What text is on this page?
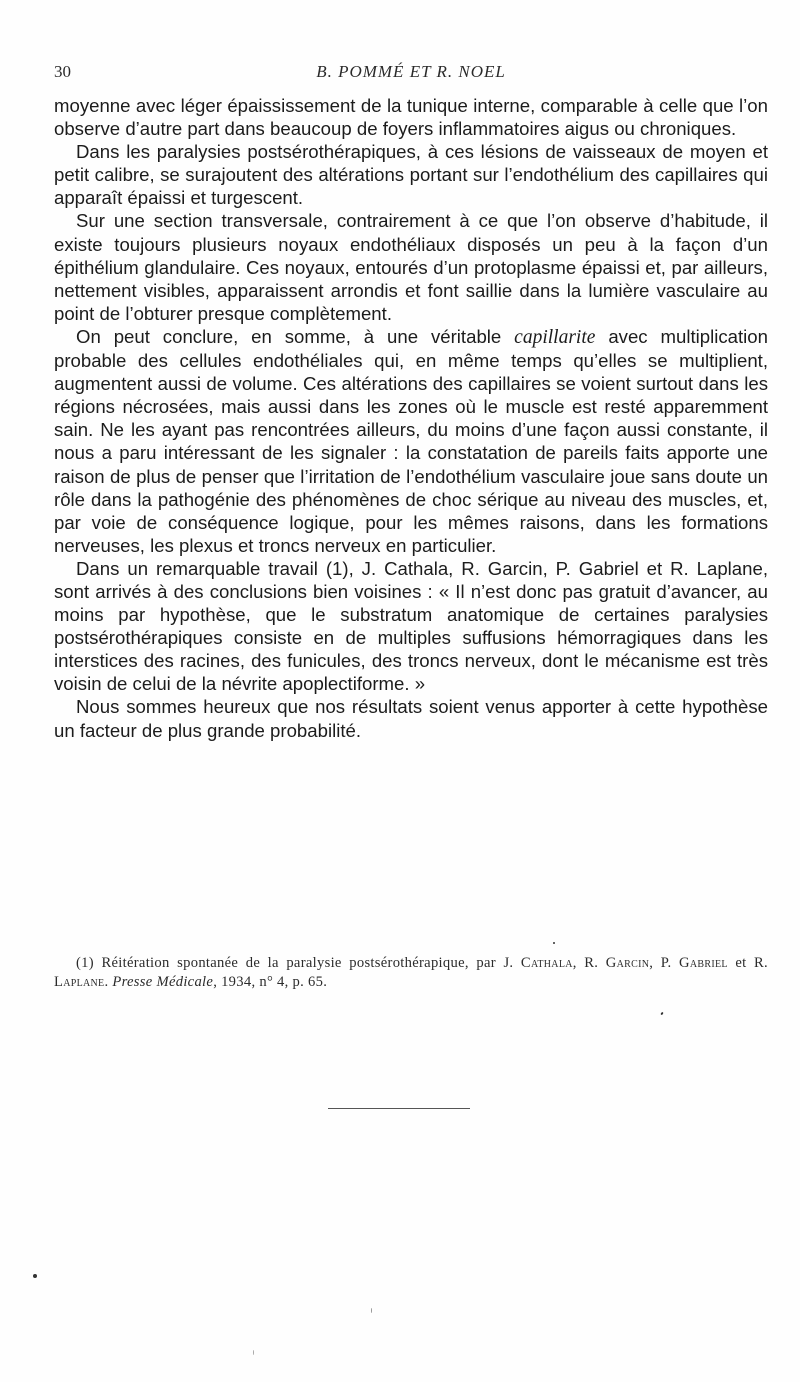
30	B. POMMÉ ET R. NOEL

moyenne avec léger épaississement de la tunique interne, comparable à celle que l’on observe d’autre part dans beaucoup de foyers inflammatoires aigus ou chroniques.

Dans les paralysies postsérothérapiques, à ces lésions de vaisseaux de moyen et petit calibre, se surajoutent des altérations portant sur l’endothélium des capillaires qui apparaît épaissi et turgescent.

Sur une section transversale, contrairement à ce que l’on observe d’habitude, il existe toujours plusieurs noyaux endothéliaux disposés un peu à la façon d’un épithélium glandulaire. Ces noyaux, entourés d’un protoplasme épaissi et, par ailleurs, nettement visibles, apparaissent arrondis et font saillie dans la lumière vasculaire au point de l’obturer presque complètement.

On peut conclure, en somme, à une véritable capillarite avec multiplication probable des cellules endothéliales qui, en même temps qu’elles se multiplient, augmentent aussi de volume. Ces altérations des capillaires se voient surtout dans les régions nécrosées, mais aussi dans les zones où le muscle est resté apparemment sain. Ne les ayant pas rencontrées ailleurs, du moins d’une façon aussi constante, il nous a paru intéressant de les signaler : la constatation de pareils faits apporte une raison de plus de penser que l’irritation de l’endothélium vasculaire joue sans doute un rôle dans la pathogénie des phénomènes de choc sérique au niveau des muscles, et, par voie de conséquence logique, pour les mêmes raisons, dans les formations nerveuses, les plexus et troncs nerveux en particulier.

Dans un remarquable travail (1), J. Cathala, R. Garcin, P. Gabriel et R. Laplane, sont arrivés à des conclusions bien voisines : « Il n’est donc pas gratuit d’avancer, au moins par hypothèse, que le substratum anatomique de certaines paralysies postsérothérapiques consiste en de multiples suffusions hémorragiques dans les interstices des racines, des funicules, des troncs nerveux, dont le mécanisme est très voisin de celui de la névrite apoplectiforme. »

Nous sommes heureux que nos résultats soient venus apporter à cette hypothèse un facteur de plus grande probabilité.

(1) Réitération spontanée de la paralysie postsérothérapique, par J. Cathala, R. Garcin, P. Gabriel et R. Laplane. Presse Médicale, 1934, n° 4, p. 65.
